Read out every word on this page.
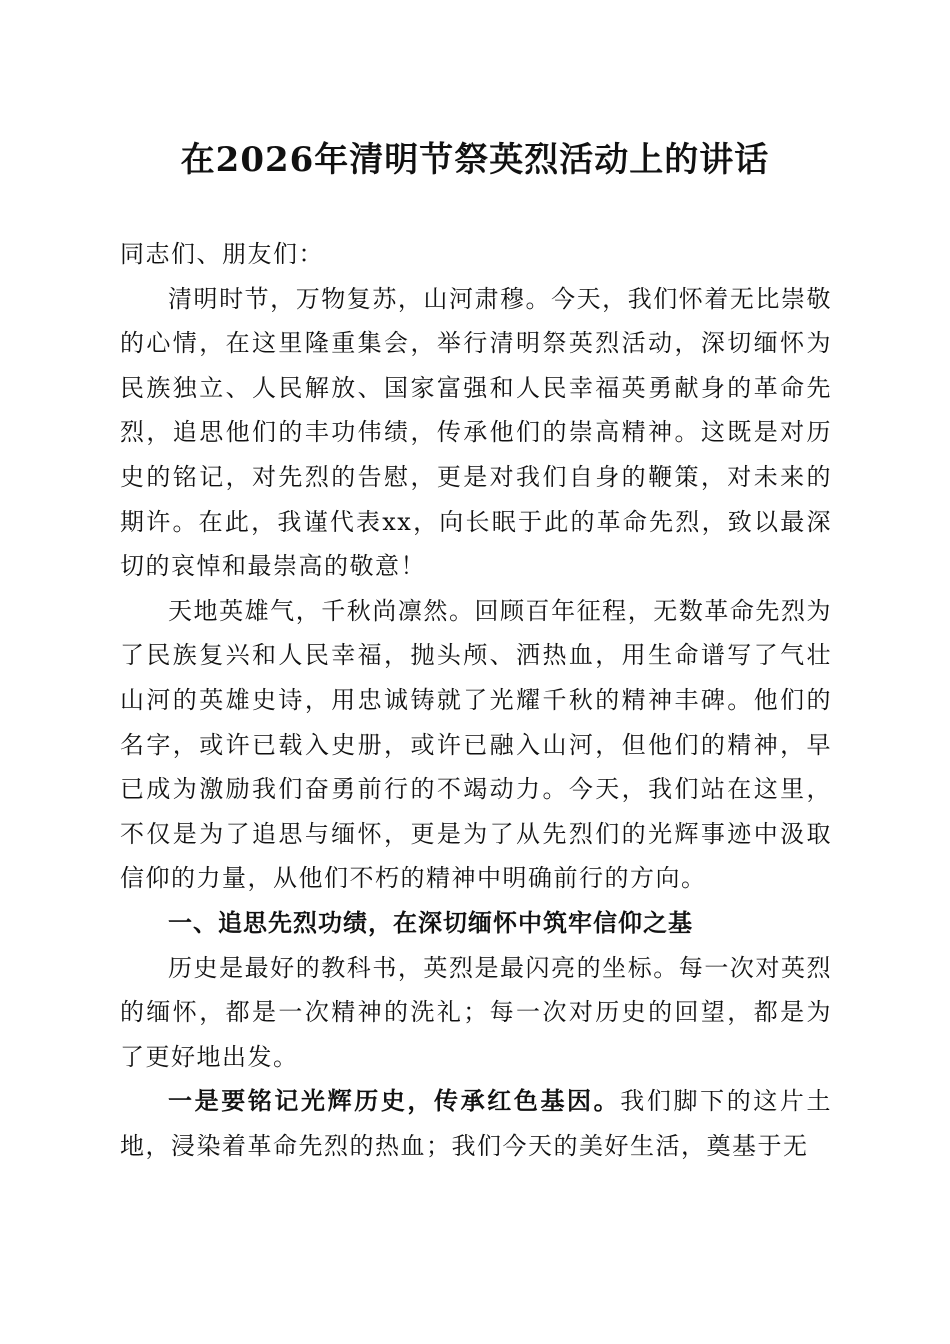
在2026年清明节祭英烈活动上的讲话

同志们、朋友们：

清明时节，万物复苏，山河肃穆。今天，我们怀着无比崇敬的心情，在这里隆重集会，举行清明祭英烈活动，深切缅怀为民族独立、人民解放、国家富强和人民幸福英勇献身的革命先烈，追思他们的丰功伟绩，传承他们的崇高精神。这既是对历史的铭记，对先烈的告慰，更是对我们自身的鞭策，对未来的期许。在此，我谨代表xx，向长眠于此的革命先烈，致以最深切的哀悼和最崇高的敬意！

天地英雄气，千秋尚凛然。回顾百年征程，无数革命先烈为了民族复兴和人民幸福，抛头颅、洒热血，用生命谱写了气壮山河的英雄史诗，用忠诚铸就了光耀千秋的精神丰碑。他们的名字，或许已载入史册，或许已融入山河，但他们的精神，早已成为激励我们奋勇前行的不竭动力。今天，我们站在这里，不仅是为了追思与缅怀，更是为了从先烈们的光辉事迹中汲取信仰的力量，从他们不朽的精神中明确前行的方向。

一、追思先烈功绩，在深切缅怀中筑牢信仰之基

历史是最好的教科书，英烈是最闪亮的坐标。每一次对英烈的缅怀，都是一次精神的洗礼；每一次对历史的回望，都是为了更好地出发。

一是要铭记光辉历史，传承红色基因。我们脚下的这片土地，浸染着革命先烈的热血；我们今天的美好生活，奠基于无
